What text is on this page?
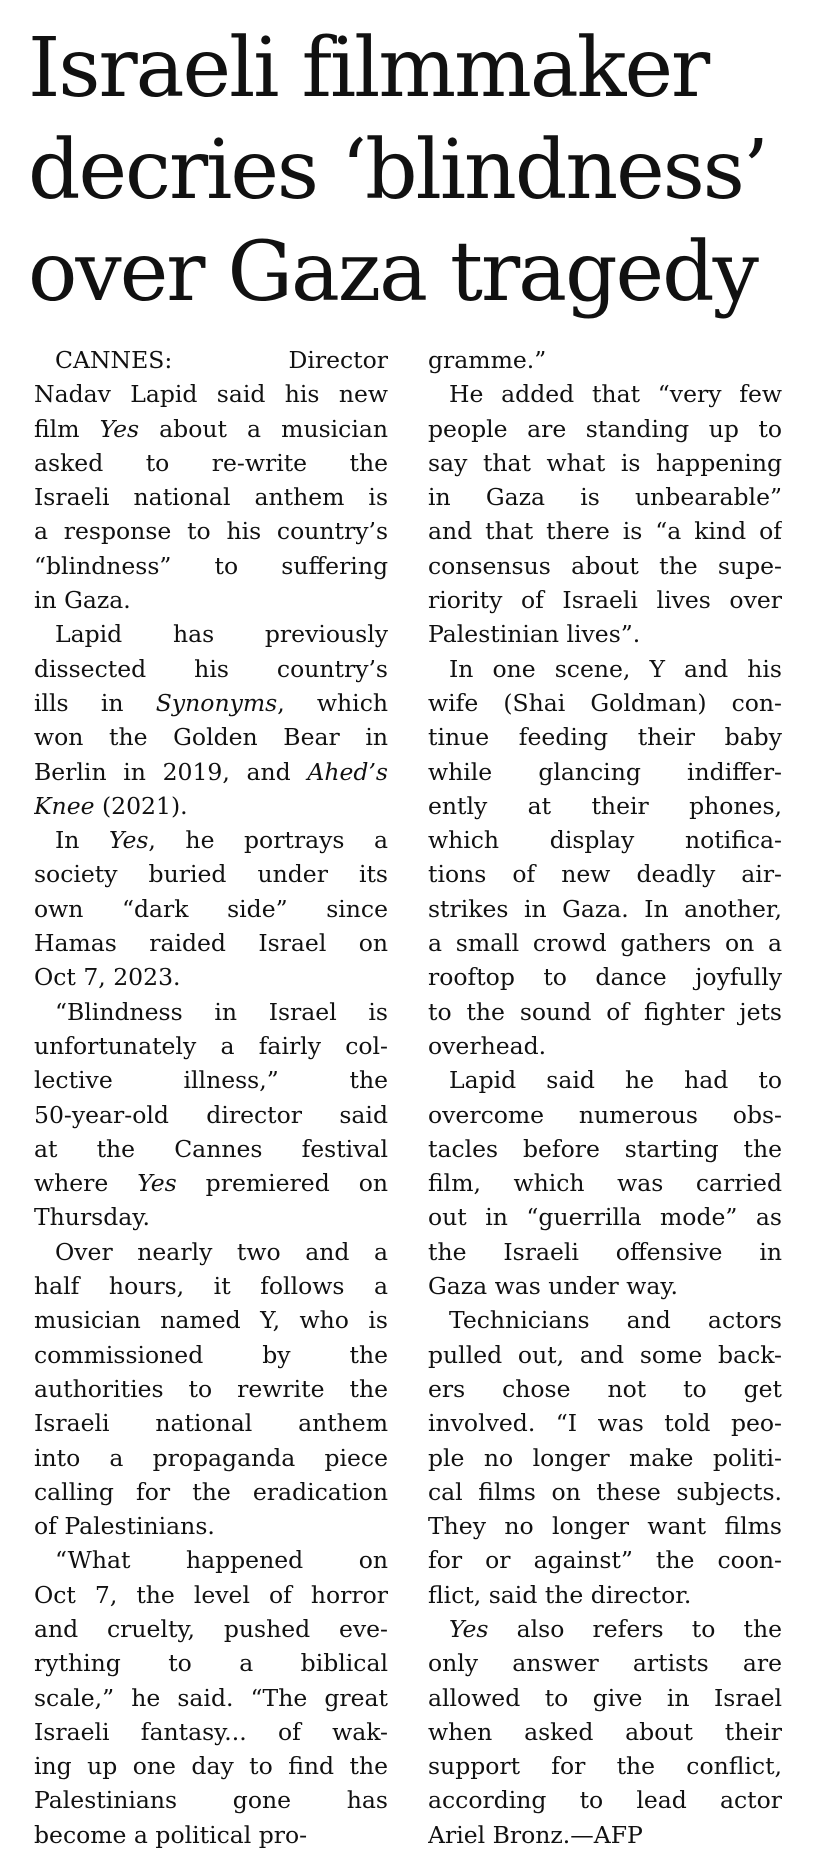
Israeli filmmaker
decries ‘blindness’
over Gaza tragedy

CANNES: Director
Nadav Lapid said his new
film Yes about a musician
asked to re-write the
Israeli national anthem is
a response to his country’s
“blindness” to suffering
in Gaza.

Lapid has previously
dissected his country’s
ills in Synonyms, which
won the Golden Bear in
Berlin in 2019, and Ahed’s
Knee (2021).

In Yes, he portrays a
society buried under its
own “dark side” since
Hamas raided Israel on
Oct 7, 2023.

“Blindness in Israel is
unfortunately a fairly col-
lective illness,” the
50-year-old director said
at the Cannes festival
where Yes premiered on
Thursday.

Over nearly two and a
half hours, it follows a
musician named Y, who is
commissioned by the
authorities to rewrite the
Israeli national anthem
into a propaganda piece
calling for the eradication
of Palestinians.

“What happened on
Oct 7, the level of horror
and cruelty, pushed eve-
rything to a biblical
scale,” he said. “The great
Israeli fantasy... of wak-
ing up one day to find the
Palestinians gone has
become a political pro-

gramme.”

He added that “very few
people are standing up to
say that what is happening
in Gaza is unbearable”
and that there is “a kind of
consensus about the supe-
riority of Israeli lives over
Palestinian lives”.

In one scene, Y and his
wife (Shai Goldman) con-
tinue feeding their baby
while glancing indiffer-
ently at their phones,
which display notifica-
tions of new deadly air-
strikes in Gaza. In another,
a small crowd gathers on a
rooftop to dance joyfully
to the sound of fighter jets
overhead.

Lapid said he had to
overcome numerous obs-
tacles before starting the
film, which was carried
out in “guerrilla mode” as
the Israeli offensive in
Gaza was under way.

Technicians and actors
pulled out, and some back-
ers chose not to get
involved. “I was told peo-
ple no longer make politi-
cal films on these subjects.
They no longer want films
for or against” the coon-
flict, said the director.

Yes also refers to the
only answer artists are
allowed to give in Israel
when asked about their
support for the conflict,
according to lead actor
Ariel Bronz.—AFP
